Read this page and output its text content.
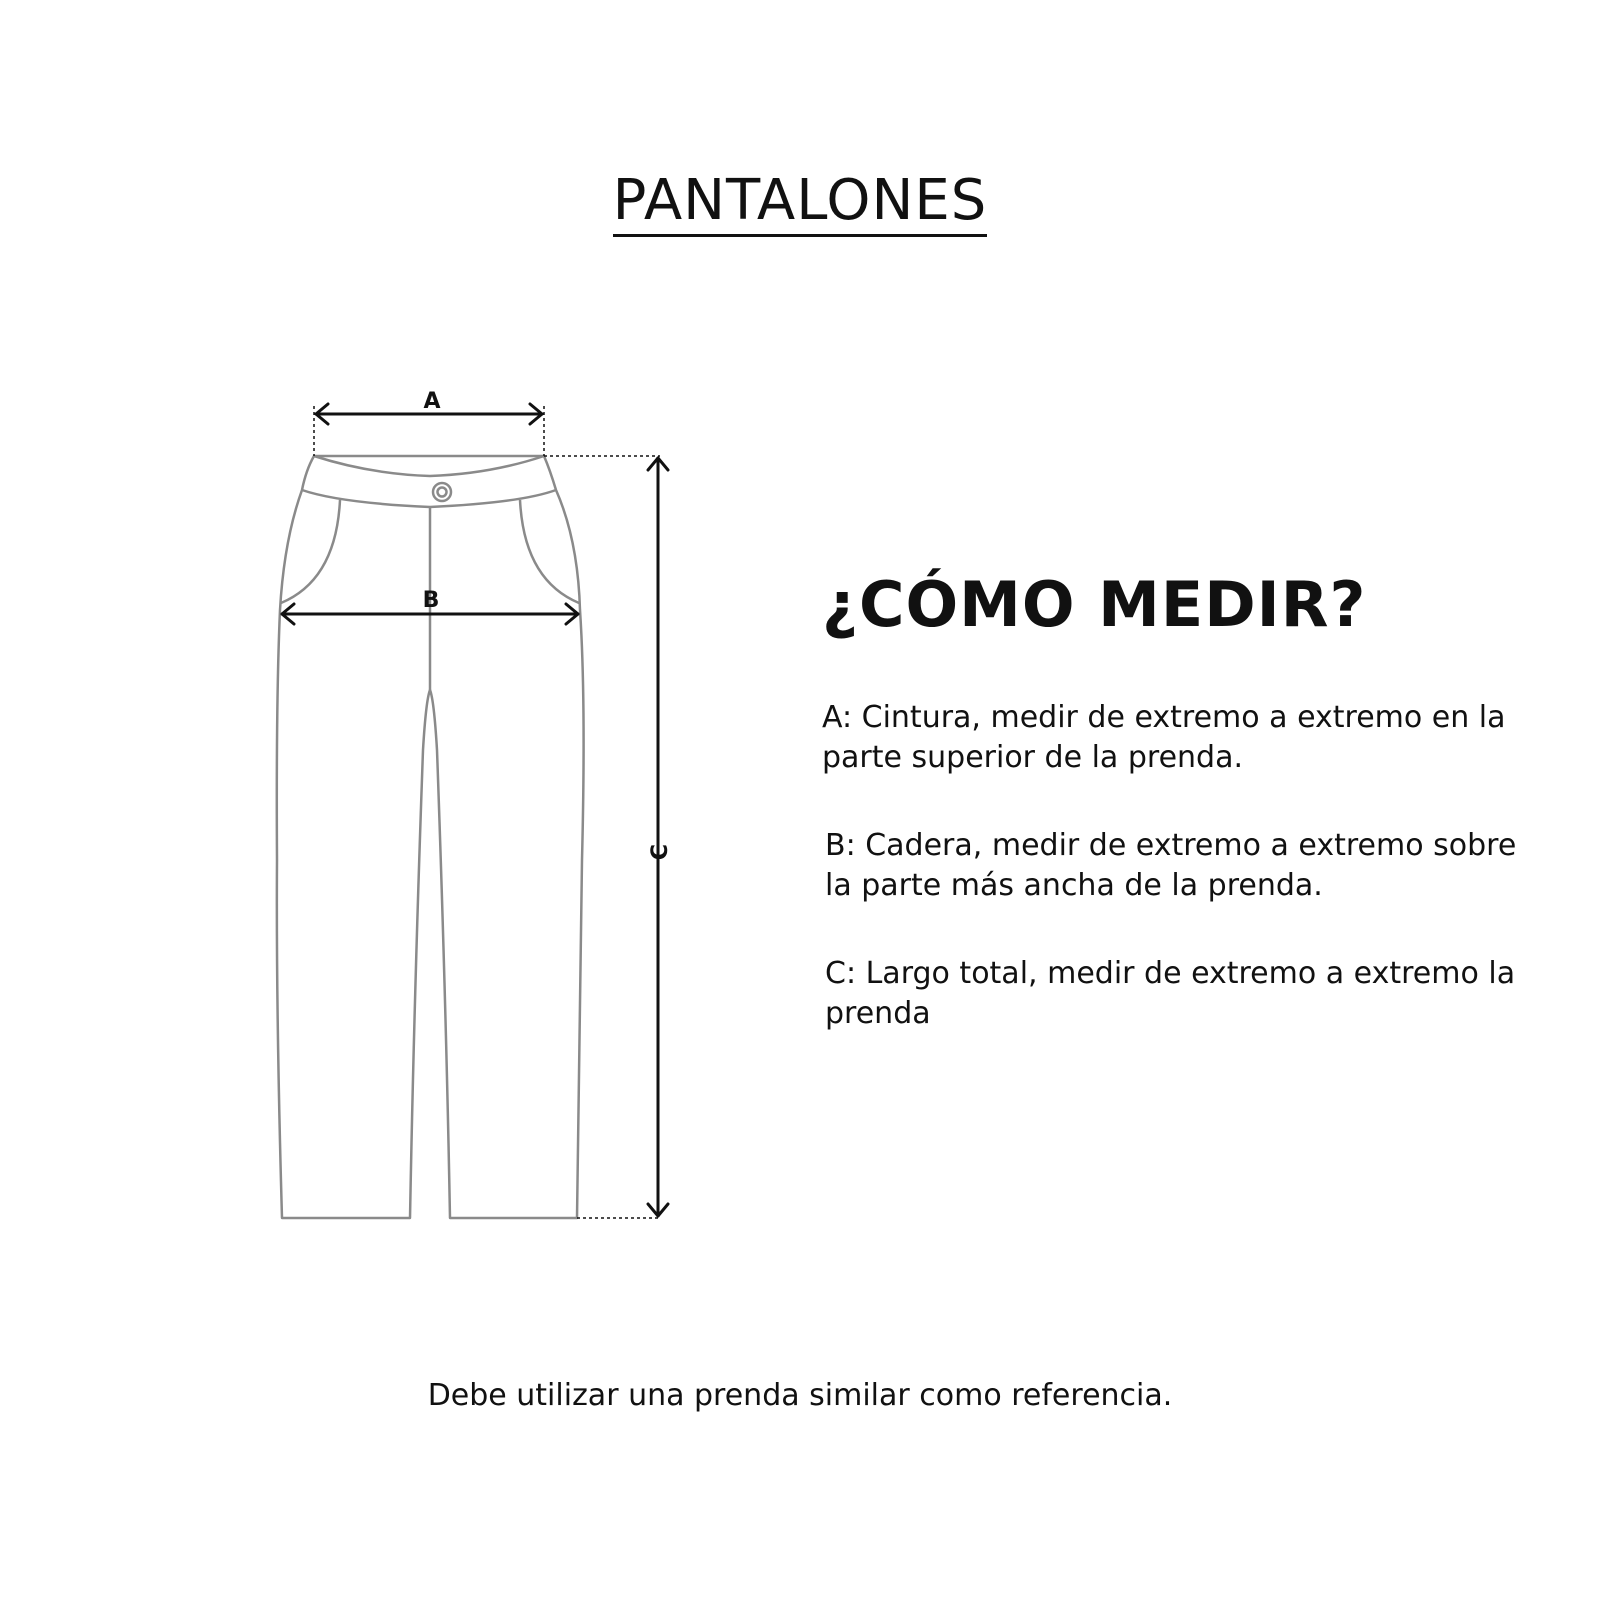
PANTALONES
A
B
C
¿CÓMO MEDIR?
A: Cintura, medir de extremo a extremo en la parte superior de la prenda.
B: Cadera, medir de extremo a extremo sobre la parte más ancha de la prenda.
C: Largo total, medir de extremo a extremo la prenda
Debe utilizar una prenda similar como referencia.
